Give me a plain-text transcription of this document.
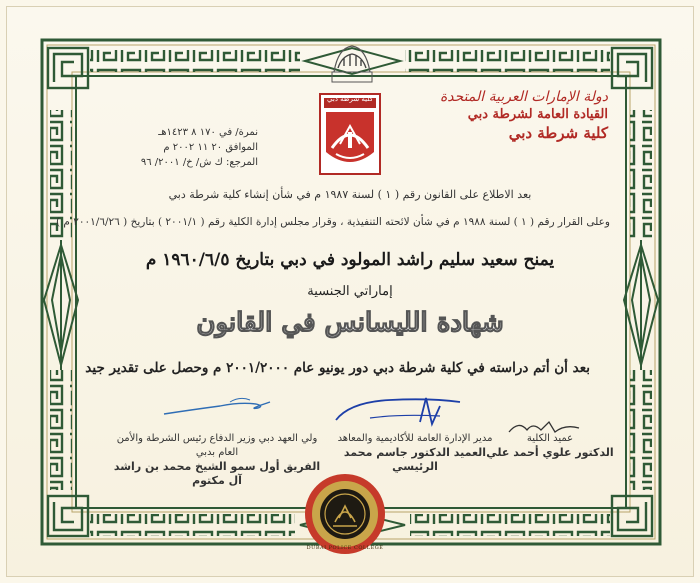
كلية شرطة دبي	دولة الإمارات العربية المتحدة
القيادة العامة لشرطة دبي
كلية شرطة دبي
نمرة/ في ١٧٠ ٨ ١٤٢٣هـ
الموافق ٢٠ ١١ ٢٠٠٢ م
المرجع: ك ش/ خ/ ٢٠٠١/ ٩٦
بعد الاطلاع على القانون رقم ( ١ ) لسنة ١٩٨٧ م في شأن إنشاء كلية شرطة دبي
وعلى القرار رقم ( ١ ) لسنة ١٩٨٨ م في شأن لائحته التنفيذية ، وقرار مجلس إدارة الكلية رقم ( ٢٠٠١/١ ) بتاريخ ( ٢٠٠١/٦/٢٦ م )
يمنح سعيد سليم راشد المولود في دبي بتاريخ ١٩٦٠/٦/٥ م
إماراتي الجنسية
شهادة الليسانس في القانون
بعد أن أتم دراسته في كلية شرطة دبي دور يونيو عام ٢٠٠١/٢٠٠٠ م وحصل على تقدير جيد
ولي العهد دبي وزير الدفاع رئيس الشرطة والأمن العام بدبي
الفريق أول سمو الشيخ محمد بن راشد آل مكتوم
مدير الإدارة العامة للأكاديمية والمعاهد
العميد الدكتور جاسم محمد الرئيسي
عميد الكلية
الدكتور علوي أحمد علي
DUBAI POLICE COLLEGE
